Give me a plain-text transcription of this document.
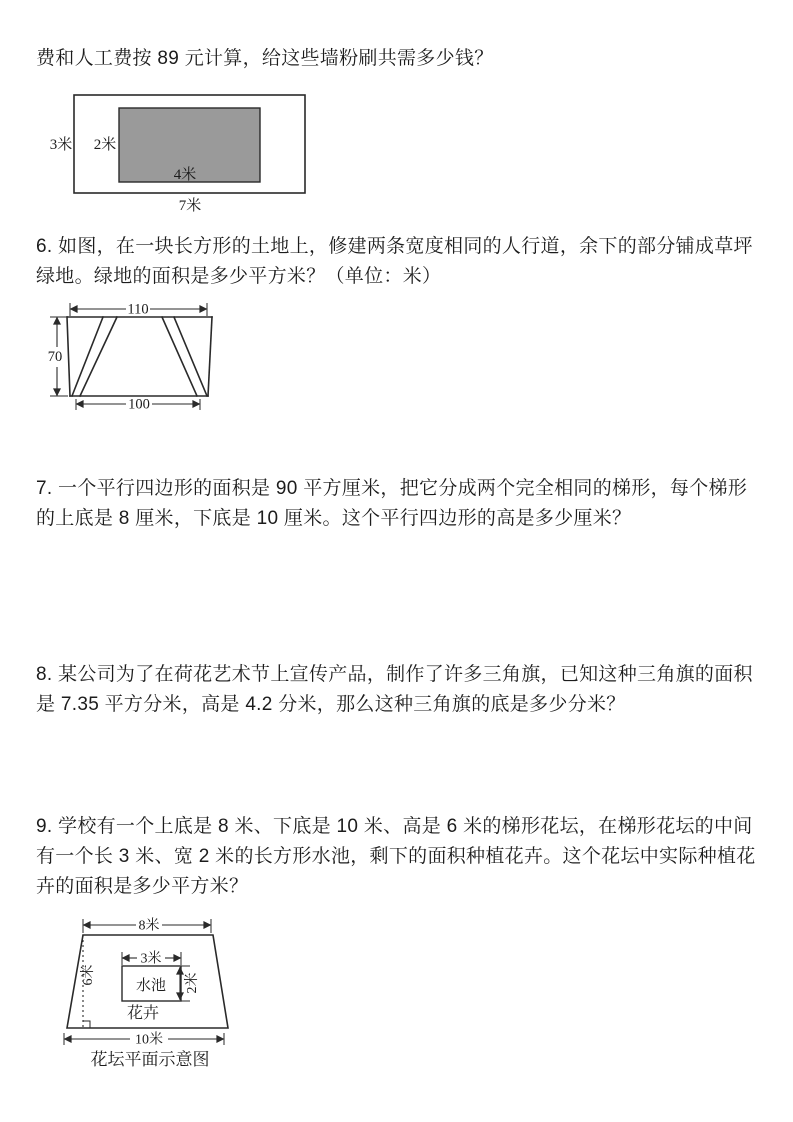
费和人工费按 89 元计算，给这些墙粉刷共需多少钱？
3米 2米
4米
7米
6. 如图，在一块长方形的土地上，修建两条宽度相同的人行道，余下的部分铺成草坪
绿地。绿地的面积是多少平方米？（单位：米）
110
70
100
7. 一个平行四边形的面积是 90 平方厘米，把它分成两个完全相同的梯形，每个梯形
的上底是 8 厘米，下底是 10 厘米。这个平行四边形的高是多少厘米？
8. 某公司为了在荷花艺术节上宣传产品，制作了许多三角旗，已知这种三角旗的面积
是 7.35 平方分米，高是 4.2 分米，那么这种三角旗的底是多少分米？
9. 学校有一个上底是 8 米、下底是 10 米、高是 6 米的梯形花坛，在梯形花坛的中间
有一个长 3 米、宽 2 米的长方形水池，剩下的面积种植花卉。这个花坛中实际种植花
卉的面积是多少平方米？
8米
6米
3米
水池 2米
花卉
10米
花坛平面示意图
